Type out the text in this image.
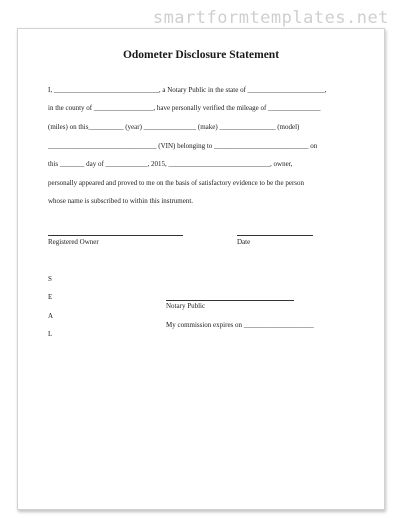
smartformtemplates.net
Odometer Disclosure Statement
I, ______________________________, a Notary Public in the state of ______________________,
in the county of _________________, have personally verified the mileage of _______________
(miles) on this__________ (year) _______________ (make) ________________ (model)
_______________________________ (VIN) belonging to ___________________________ on
this _______ day of ____________, 2015, _____________________________, owner,
personally appeared and proved to me on the basis of satisfactory evidence to be the person
whose name is subscribed to within this instrument.
Registered Owner	Date
S
E
A
L
Notary Public
My commission expires on ____________________
